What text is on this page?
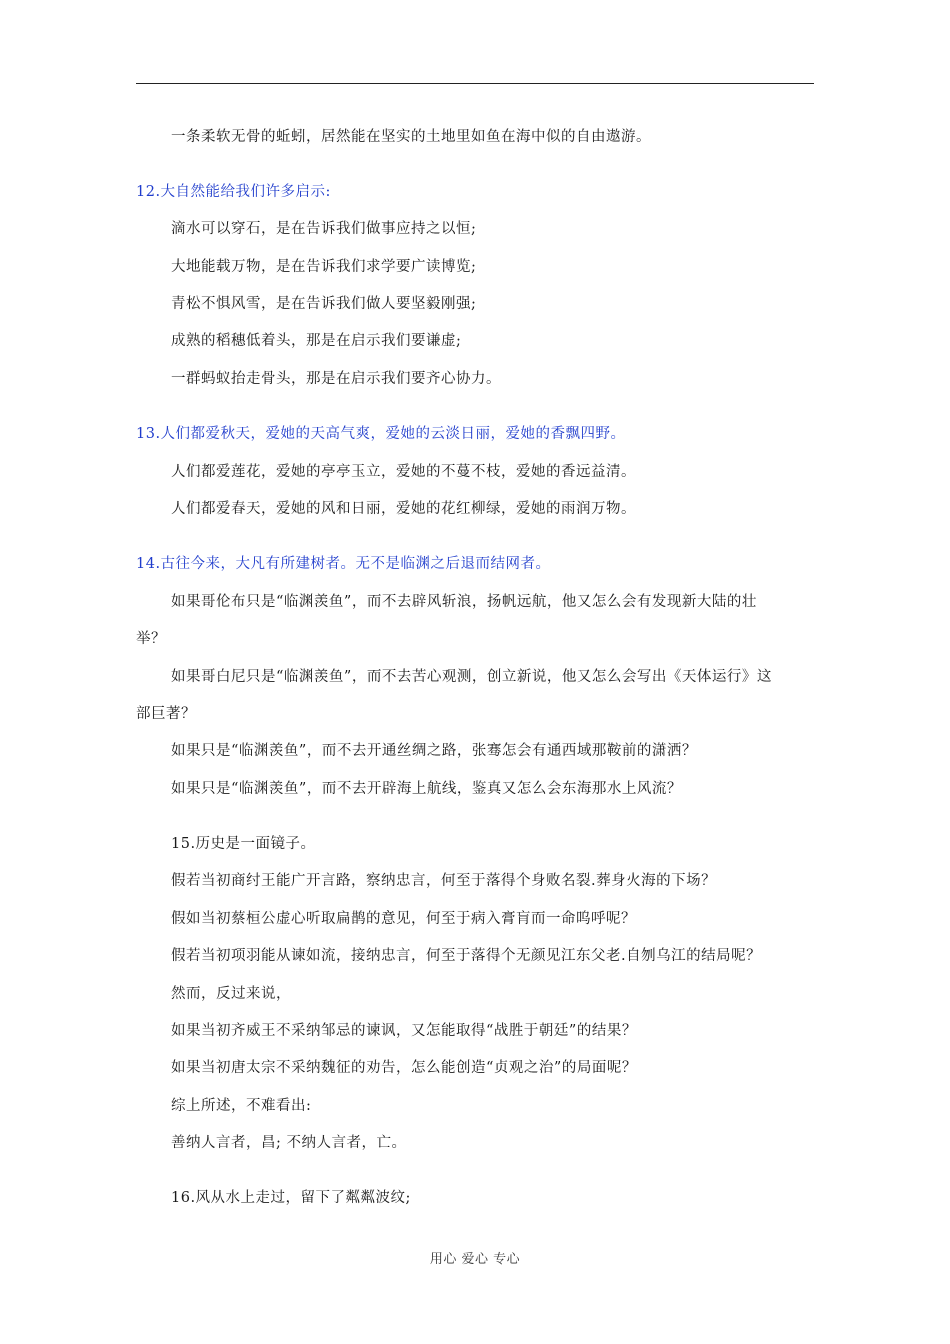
一条柔软无骨的蚯蚓，居然能在坚实的土地里如鱼在海中似的自由遨游。
12.大自然能给我们许多启示:
滴水可以穿石，是在告诉我们做事应持之以恒;
大地能载万物，是在告诉我们求学要广读博览;
青松不惧风雪，是在告诉我们做人要坚毅刚强;
成熟的稻穗低着头，那是在启示我们要谦虚;
一群蚂蚁抬走骨头，那是在启示我们要齐心协力。
13.人们都爱秋天，爱她的天高气爽，爱她的云淡日丽，爱她的香飘四野。
人们都爱莲花，爱她的亭亭玉立，爱她的不蔓不枝，爱她的香远益清。
人们都爱春天，爱她的风和日丽，爱她的花红柳绿，爱她的雨润万物。
14.古往今来，大凡有所建树者。无不是临渊之后退而结网者。
如果哥伦布只是“临渊羡鱼”，而不去辟风斩浪，扬帆远航，他又怎么会有发现新大陆的壮
举？
如果哥白尼只是“临渊羡鱼”，而不去苦心观测，创立新说，他又怎么会写出《天体运行》这
部巨著？
如果只是“临渊羡鱼”，而不去开通丝绸之路，张骞怎会有通西域那鞍前的潇洒？
如果只是“临渊羡鱼”，而不去开辟海上航线，鉴真又怎么会东海那水上风流？
15.历史是一面镜子。
假若当初商纣王能广开言路，察纳忠言，何至于落得个身败名裂.葬身火海的下场？
假如当初蔡桓公虚心听取扁鹊的意见，何至于病入膏肓而一命呜呼呢？
假若当初项羽能从谏如流，接纳忠言，何至于落得个无颜见江东父老.自刎乌江的结局呢？
然而，反过来说，
如果当初齐威王不采纳邹忌的谏讽，又怎能取得“战胜于朝廷”的结果？
如果当初唐太宗不采纳魏征的劝告，怎么能创造“贞观之治”的局面呢？
综上所述，不难看出:
善纳人言者，昌; 不纳人言者，亡。
16.风从水上走过，留下了粼粼波纹;
用心 爱心 专心
